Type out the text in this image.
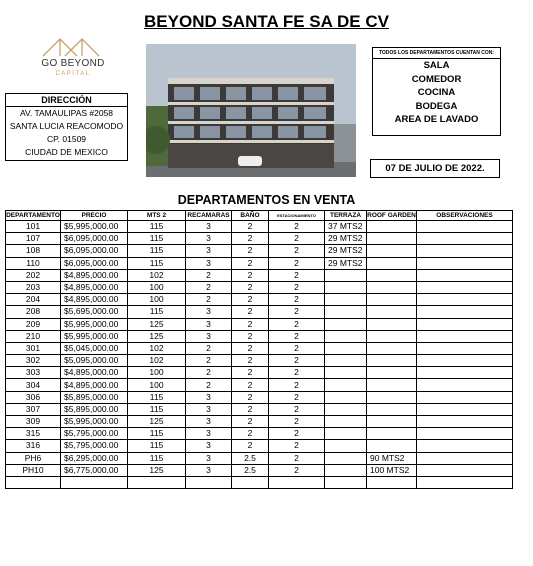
BEYOND SANTA FE SA DE CV
GO BEYOND
CAPITAL
DIRECCIÓN
AV. TAMAULIPAS #2058
SANTA LUCIA REACOMODO
CP. 01509
CIUDAD DE MEXICO
TODOS LOS DEPARTAMENTOS CUENTAN CON:
SALA
COMEDOR
COCINA
BODEGA
AREA DE LAVADO
07 DE JULIO DE 2022.
DEPARTAMENTOS EN VENTA
DEPARTAMENTO	PRECIO	MTS 2	RECAMARAS	BAÑO	ESTACIONAMIENTO	TERRAZA	ROOF GARDEN	OBSERVACIONES
101	$5,995,000.00	115	3	2	2	37 MTS2		
107	$6,095,000.00	115	3	2	2	29 MTS2		
108	$6,095,000.00	115	3	2	2	29 MTS2		
110	$6,095,000.00	115	3	2	2	29 MTS2		
202	$4,895,000.00	102	2	2	2			
203	$4,895,000.00	100	2	2	2			
204	$4,895,000.00	100	2	2	2			
208	$5,695,000.00	115	3	2	2			
209	$5,995,000.00	125	3	2	2			
210	$5,995,000.00	125	3	2	2			
301	$5,045,000.00	102	2	2	2			
302	$5,095,000.00	102	2	2	2			
303	$4,895,000.00	100	2	2	2			
304	$4,895,000.00	100	2	2	2			
306	$5,895,000.00	115	3	2	2			
307	$5,895,000.00	115	3	2	2			
309	$5,995,000.00	125	3	2	2			
315	$5,795,000.00	115	3	2	2			
316	$5,795,000.00	115	3	2	2			
PH6	$6,295,000.00	115	3	2.5	2		90 MTS2	
PH10	$6,775,000.00	125	3	2.5	2		100 MTS2	
